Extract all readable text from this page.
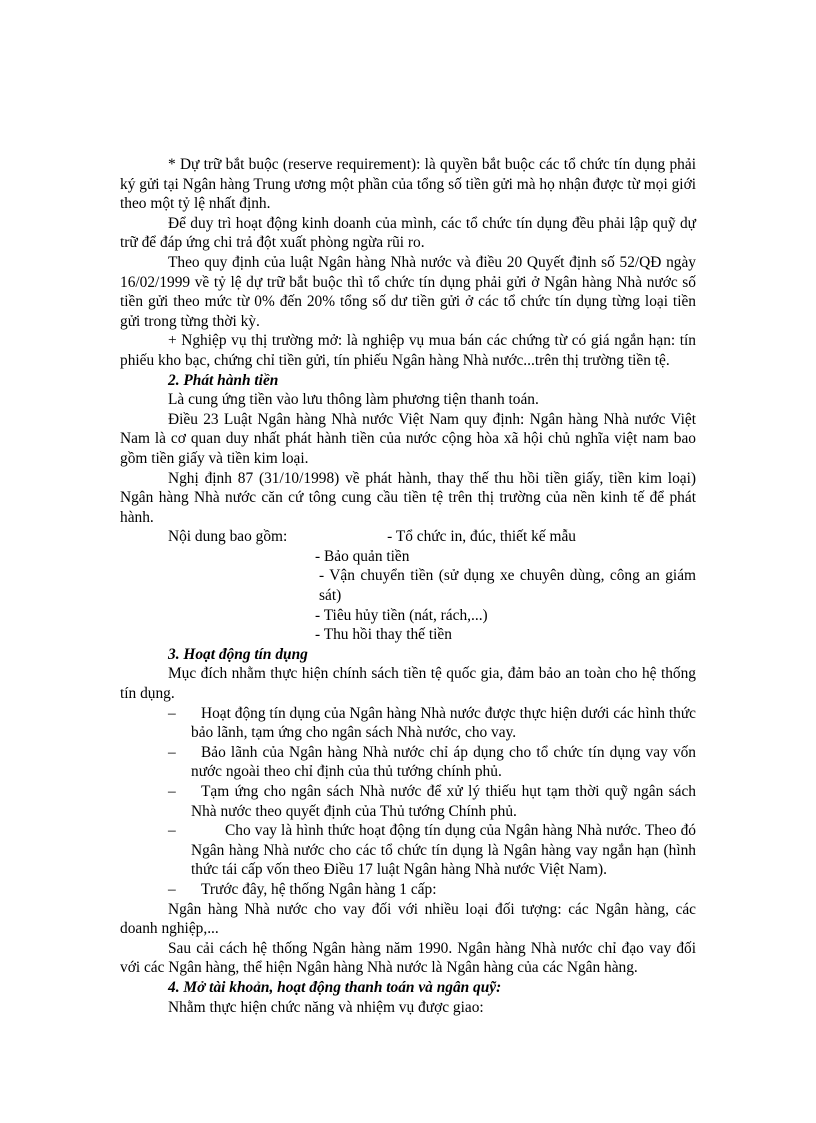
* Dự trữ bắt buộc (reserve requirement): là quyền bắt buộc các tổ chức tín dụng phải ký gửi tại Ngân hàng Trung ương một phần của tổng số tiền gửi mà họ nhận được từ mọi giới theo một tỷ lệ nhất định.

Để duy trì hoạt động kinh doanh của mình, các tổ chức tín dụng đều phải lập quỹ dự trữ để đáp ứng chi trả đột xuất phòng ngừa rũi ro.

Theo quy định của luật Ngân hàng Nhà nước và điều 20 Quyết định số 52/QĐ ngày 16/02/1999 về tỷ lệ dự trữ bắt buộc thì tổ chức tín dụng phải gửi ở Ngân hàng Nhà nước số tiền gửi theo mức từ 0% đến 20% tổng số dư tiền gửi ở các tổ chức tín dụng từng loại tiền gửi trong từng thời kỳ.

+ Nghiệp vụ thị trường mở: là nghiệp vụ mua bán các chứng từ có giá ngắn hạn: tín phiếu kho bạc, chứng chỉ tiền gửi, tín phiếu Ngân hàng Nhà nước...trên thị trường tiền tệ.

2. Phát hành tiền

Là cung ứng tiền vào lưu thông làm phương tiện thanh toán.

Điều 23 Luật Ngân hàng Nhà nước Việt Nam quy định: Ngân hàng Nhà nước Việt Nam là cơ quan duy nhất phát hành tiền của nước cộng hòa xã hội chủ nghĩa việt nam bao gồm tiền giấy và tiền kim loại.

Nghị định 87 (31/10/1998) về phát hành, thay thế thu hồi tiền giấy, tiền kim loại) Ngân hàng Nhà nước căn cứ tông cung cầu tiền tệ trên thị trường của nền kinh tế để phát hành.

Nội dung bao gồm:
	- Tổ chức in, đúc, thiết kế mẫu

- Bảo quản tiền
- Vận chuyển tiền (sử dụng xe chuyên dùng, công an giám sát)
- Tiêu hủy tiền (nát, rách,...)
- Thu hồi thay thế tiền
3. Hoạt động tín dụng

Mục đích nhằm thực hiện chính sách tiền tệ quốc gia, đảm bảo an toàn cho hệ thống tín dụng.

–	Hoạt động tín dụng của Ngân hàng Nhà nước được thực hiện dưới các hình thức bảo lãnh, tạm ứng cho ngân sách Nhà nước, cho vay.
–	Bảo lãnh của Ngân hàng Nhà nước chỉ áp dụng cho tổ chức tín dụng vay vốn nước ngoài theo chỉ định của thủ tướng chính phủ.
–	Tạm ứng cho ngân sách Nhà nước để xử lý thiếu hụt tạm thời quỹ ngân sách Nhà nước theo quyết định của Thủ tướng Chính phủ.
–	Cho vay là hình thức hoạt động tín dụng của Ngân hàng Nhà nước. Theo đó Ngân hàng Nhà nước cho các tổ chức tín dụng là Ngân hàng vay ngắn hạn (hình thức tái cấp vốn theo Điều 17 luật Ngân hàng Nhà nước Việt Nam).
–	Trước đây, hệ thống Ngân hàng 1 cấp:

Ngân hàng Nhà nước cho vay đối với nhiều loại đối tượng: các Ngân hàng, các doanh nghiệp,...

Sau cải cách hệ thống Ngân hàng năm 1990. Ngân hàng Nhà nước chỉ đạo vay đối với các Ngân hàng, thể hiện Ngân hàng Nhà nước là Ngân hàng của các Ngân hàng.

4. Mở tài khoản, hoạt động thanh toán và ngân quỹ:

Nhằm thực hiện chức năng và nhiệm vụ được giao:
